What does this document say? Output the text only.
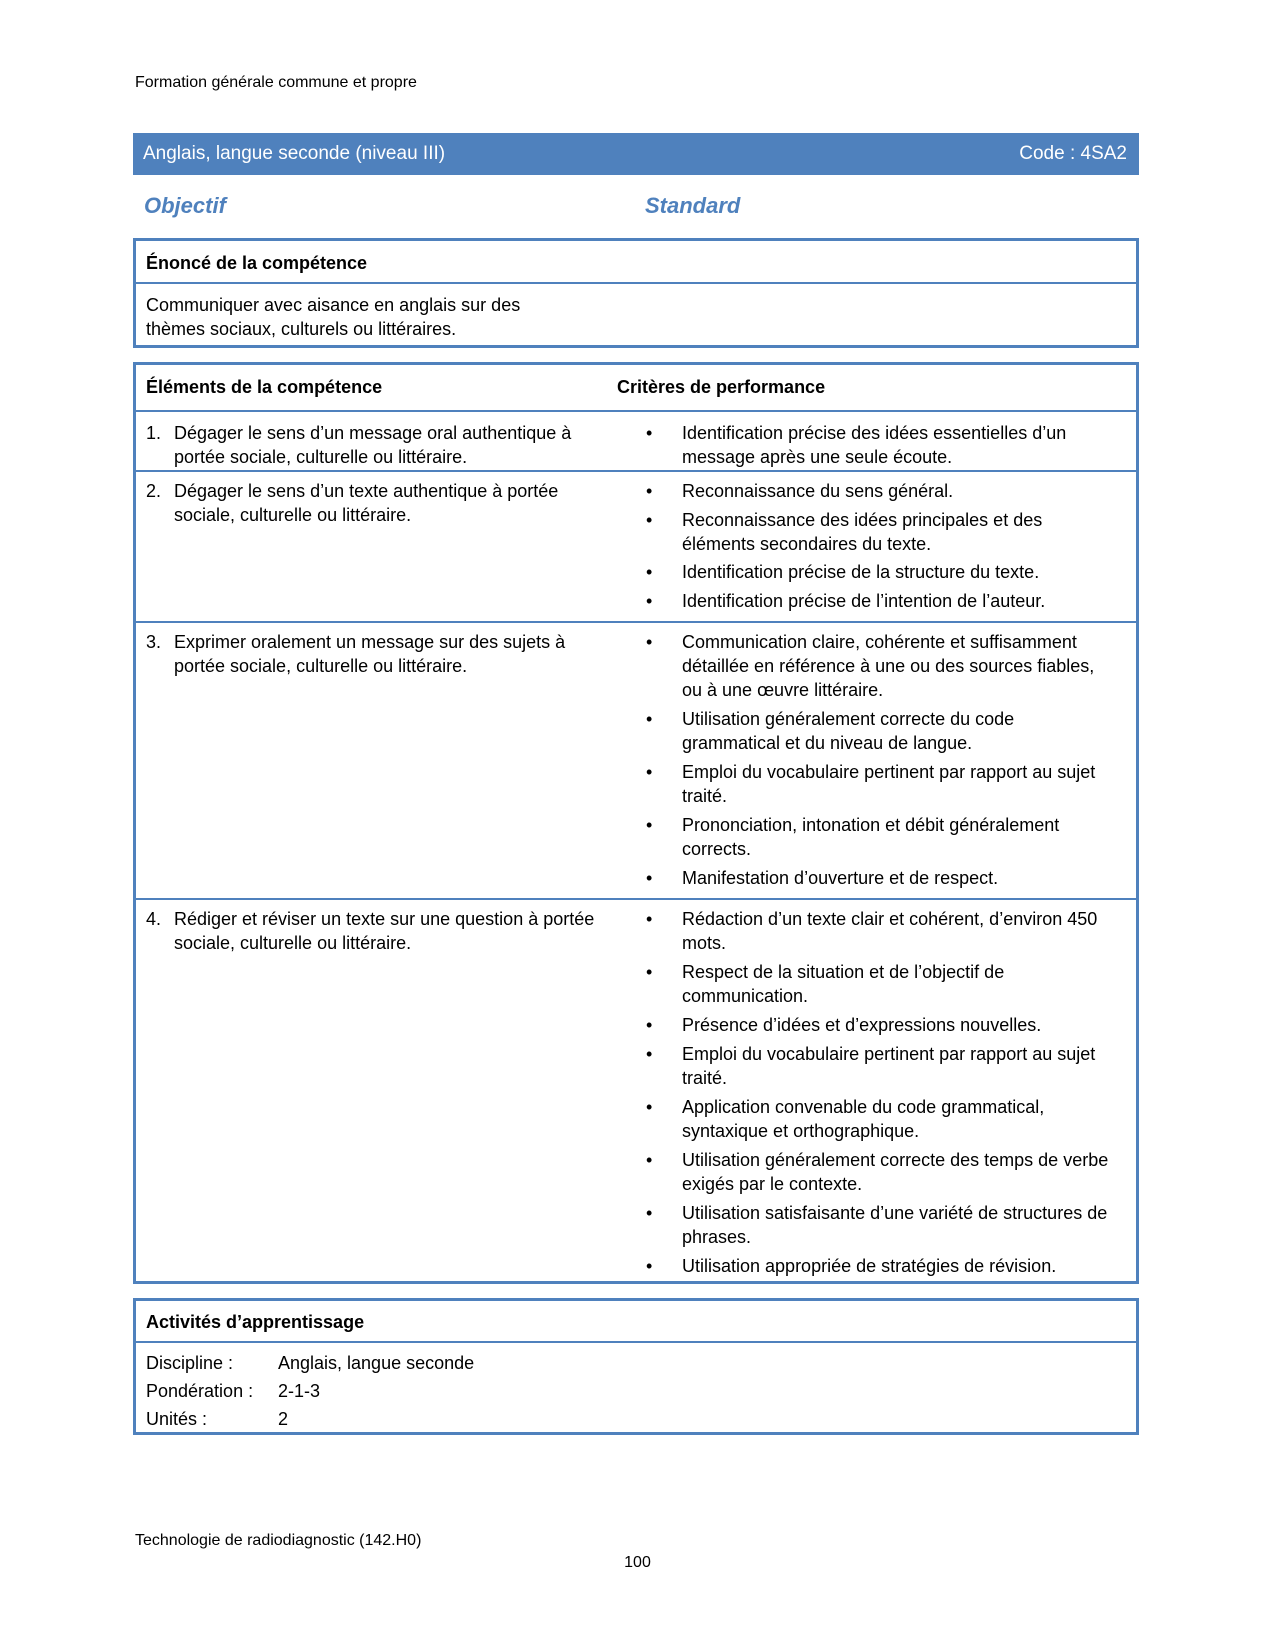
Formation générale commune et propre
Anglais, langue seconde (niveau III)	Code : 4SA2
Objectif	Standard
Énoncé de la compétence
Communiquer avec aisance en anglais sur des
thèmes sociaux, culturels ou littéraires.
Éléments de la compétence	Critères de performance
1. Dégager le sens d’un message oral authentique à portée sociale, culturelle ou littéraire.
•	Identification précise des idées essentielles d’un message après une seule écoute.
2. Dégager le sens d’un texte authentique à portée sociale, culturelle ou littéraire.
•	Reconnaissance du sens général.
•	Reconnaissance des idées principales et des éléments secondaires du texte.
•	Identification précise de la structure du texte.
•	Identification précise de l’intention de l’auteur.
3. Exprimer oralement un message sur des sujets à portée sociale, culturelle ou littéraire.
•	Communication claire, cohérente et suffisamment détaillée en référence à une ou des sources fiables, ou à une œuvre littéraire.
•	Utilisation généralement correcte du code grammatical et du niveau de langue.
•	Emploi du vocabulaire pertinent par rapport au sujet traité.
•	Prononciation, intonation et débit généralement corrects.
•	Manifestation d’ouverture et de respect.
4. Rédiger et réviser un texte sur une question à portée sociale, culturelle ou littéraire.
•	Rédaction d’un texte clair et cohérent, d’environ 450 mots.
•	Respect de la situation et de l’objectif de communication.
•	Présence d’idées et d’expressions nouvelles.
•	Emploi du vocabulaire pertinent par rapport au sujet traité.
•	Application convenable du code grammatical, syntaxique et orthographique.
•	Utilisation généralement correcte des temps de verbe exigés par le contexte.
•	Utilisation satisfaisante d’une variété de structures de phrases.
•	Utilisation appropriée de stratégies de révision.
Activités d’apprentissage
Discipline : Anglais, langue seconde
Pondération : 2-1-3
Unités :	2
Technologie de radiodiagnostic (142.H0)
100
